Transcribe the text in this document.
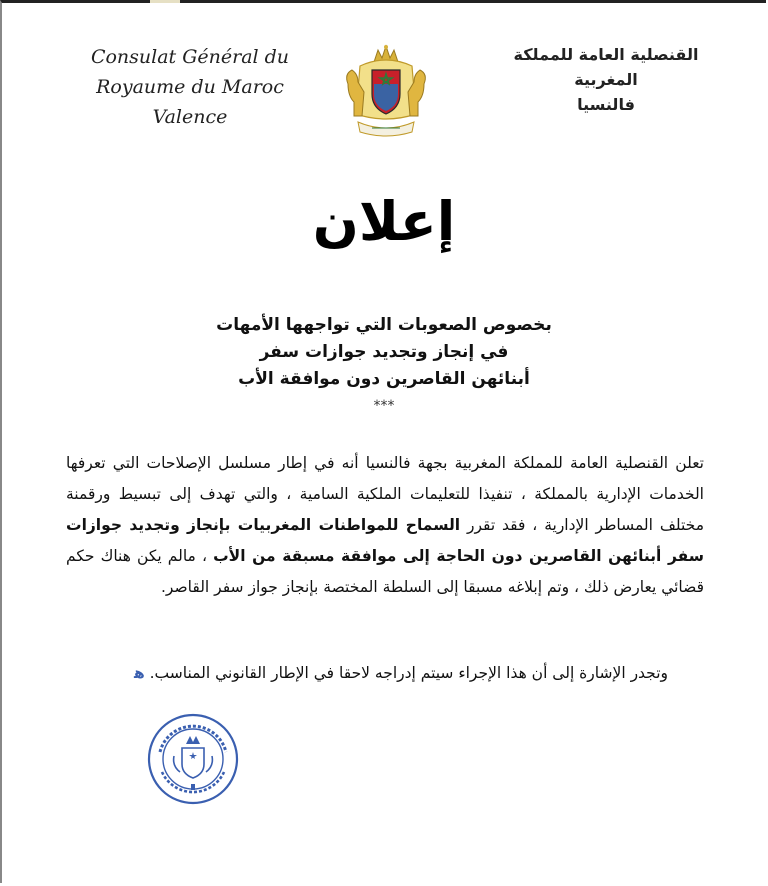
Consulat Général du
Royaume du Maroc
Valence
القنصلية العامة للمملكة
المغربية
فالنسيا
إعلان
بخصوص الصعوبات التي تواجهها الأمهات
في إنجاز وتجديد جوازات سفر
أبنائهن القاصرين دون موافقة الأب
***
تعلن القنصلية العامة للمملكة المغربية بجهة فالنسيا أنه في إطار مسلسل الإصلاحات التي تعرفها الخدمات الإدارية بالمملكة ، تنفيذا للتعليمات الملكية السامية ، والتي تهدف إلى تبسيط ورقمنة مختلف المساطر الإدارية ، فقد تقرر السماح للمواطنات المغربيات بإنجاز وتجديد جوازات سفر أبنائهن القاصرين دون الحاجة إلى موافقة مسبقة من الأب ، مالم يكن هناك حكم قضائي يعارض ذلك ، وتم إبلاغه مسبقا إلى السلطة المختصة بإنجاز جواز سفر القاصر.
وتجدر الإشارة إلى أن هذا الإجراء سيتم إدراجه لاحقا في الإطار القانوني المناسب. ﻫ
